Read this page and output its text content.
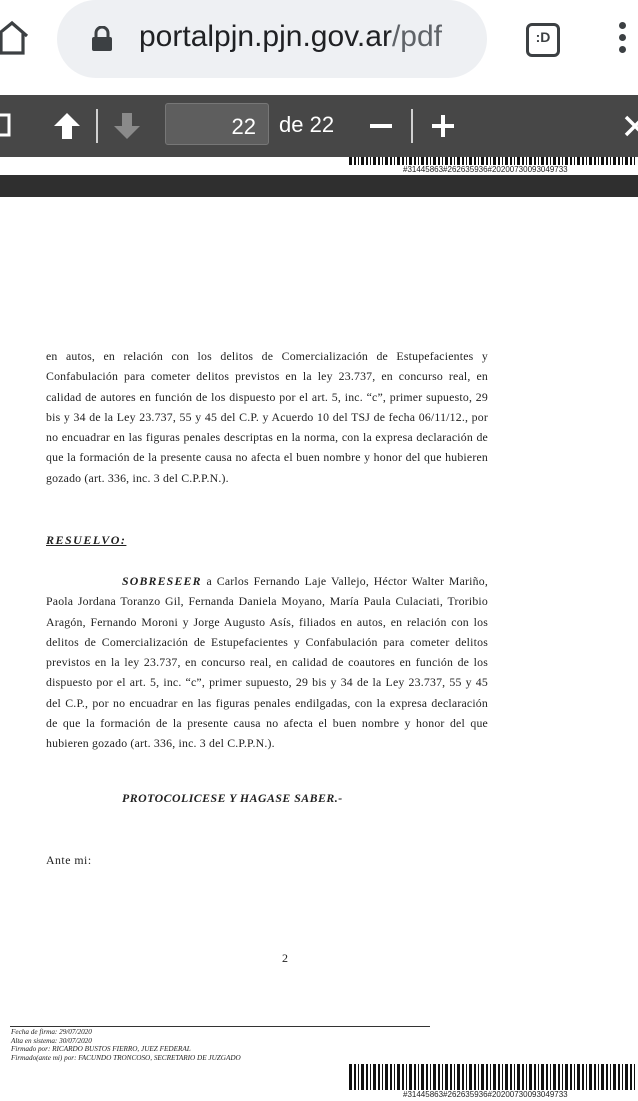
portalpjn.pjn.gov.ar/pdf	:D
22	de 22
#31445863#262635936#20200730093049733

en autos, en relación con los delitos de Comercialización de Estupefacientes y Confabulación para cometer delitos previstos en la ley 23.737, en concurso real, en calidad de autores en función de los dispuesto por el art. 5, inc. “c”, primer supuesto, 29 bis y 34 de la Ley 23.737, 55 y 45 del C.P. y Acuerdo 10 del TSJ de fecha 06/11/12., por no encuadrar en las figuras penales descriptas en la norma, con la expresa declaración de que la formación de la presente causa no afecta el buen nombre y honor del que hubieren gozado (art. 336, inc. 3 del C.P.P.N.).

RESUELVO:

SOBRESEER a Carlos Fernando Laje Vallejo, Héctor Walter Mariño, Paola Jordana Toranzo Gil, Fernanda Daniela Moyano, María Paula Culaciati, Troribio Aragón, Fernando Moroni y Jorge Augusto Asís, filiados en autos, en relación con los delitos de Comercialización de Estupefacientes y Confabulación para cometer delitos previstos en la ley 23.737, en concurso real, en calidad de coautores en función de los dispuesto por el art. 5, inc. “c”, primer supuesto, 29 bis y 34 de la Ley 23.737, 55 y 45 del C.P., por no encuadrar en las figuras penales endilgadas, con la expresa declaración de que la formación de la presente causa no afecta el buen nombre y honor del que hubieren gozado (art. 336, inc. 3 del C.P.P.N.).

PROTOCOLICESE Y HAGASE SABER.-
Ante mi:
2
Fecha de firma: 29/07/2020
Alta en sistema: 30/07/2020
Firmado por: RICARDO BUSTOS FIERRO, JUEZ FEDERAL
Firmado(ante mi) por: FACUNDO TRONCOSO, SECRETARIO DE JUZGADO
#31445863#262635936#20200730093049733
